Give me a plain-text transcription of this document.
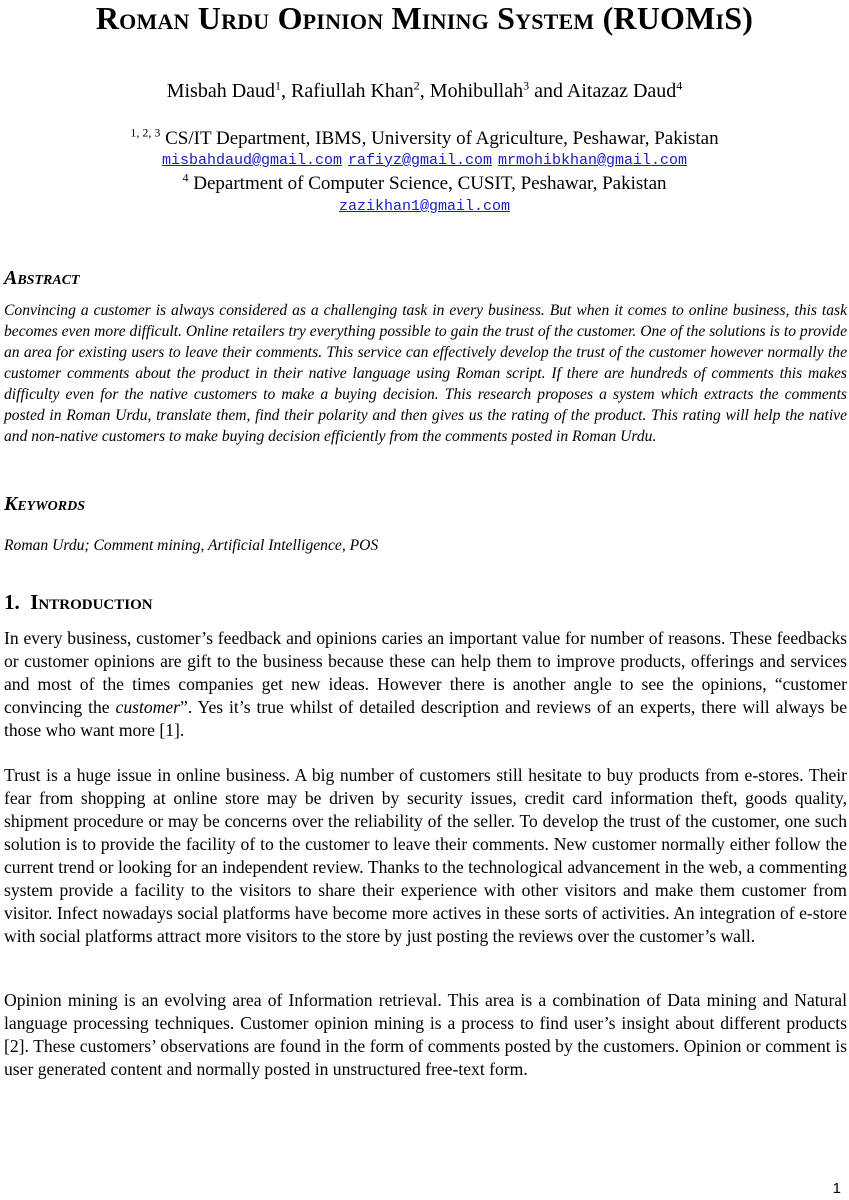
Roman Urdu Opinion Mining System (RUOMiS)
Misbah Daud$^1$, Rafiullah Khan$^2$, Mohibullah$^3$ and Aitazaz Daud$^4$
$^{1, 2, 3}$ CS/IT Department, IBMS, University of Agriculture, Peshawar, Pakistan
misbahdaud@gmail.com rafiyz@gmail.com mrmohibkhan@gmail.com
$^4$ Department of Computer Science, CUSIT, Peshawar, Pakistan
zazikhan1@gmail.com
Abstract

Convincing a customer is always considered as a challenging task in every business. But when it comes to online business, this task becomes even more difficult. Online retailers try everything possible to gain the trust of the customer. One of the solutions is to provide an area for existing users to leave their comments. This service can effectively develop the trust of the customer however normally the customer comments about the product in their native language using Roman script. If there are hundreds of comments this makes difficulty even for the native customers to make a buying decision. This research proposes a system which extracts the comments posted in Roman Urdu, translate them, find their polarity and then gives us the rating of the product. This rating will help the native and non-native customers to make buying decision efficiently from the comments posted in Roman Urdu.

Keywords

Roman Urdu; Comment mining, Artificial Intelligence, POS

1. Introduction

In every business, customer’s feedback and opinions caries an important value for number of reasons. These feedbacks or customer opinions are gift to the business because these can help them to improve products, offerings and services and most of the times companies get new ideas. However there is another angle to see the opinions, “customer convincing the customer”. Yes it’s true whilst of detailed description and reviews of an experts, there will always be those who want more [1].

Trust is a huge issue in online business. A big number of customers still hesitate to buy products from e-stores. Their fear from shopping at online store may be driven by security issues, credit card information theft, goods quality, shipment procedure or may be concerns over the reliability of the seller. To develop the trust of the customer, one such solution is to provide the facility of to the customer to leave their comments. New customer normally either follow the current trend or looking for an independent review. Thanks to the technological advancement in the web, a commenting system provide a facility to the visitors to share their experience with other visitors and make them customer from visitor. Infect nowadays social platforms have become more actives in these sorts of activities. An integration of e-store with social platforms attract more visitors to the store by just posting the reviews over the customer’s wall.

Opinion mining is an evolving area of Information retrieval. This area is a combination of Data mining and Natural language processing techniques. Customer opinion mining is a process to find user’s insight about different products [2]. These customers’ observations are found in the form of comments posted by the customers. Opinion or comment is user generated content and normally posted in unstructured free-text form.

1
